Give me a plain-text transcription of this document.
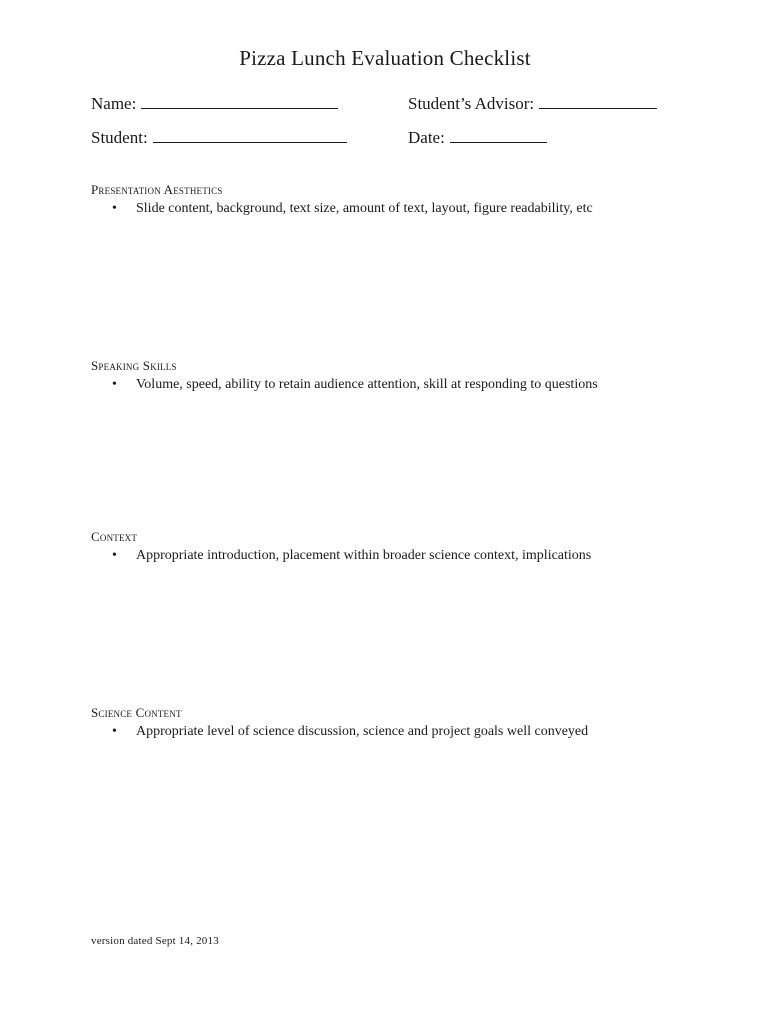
Pizza Lunch Evaluation Checklist
Name:	Student’s Advisor:
Student:	Date:
Presentation Aesthetics
• Slide content, background, text size, amount of text, layout, figure readability, etc
Speaking Skills
• Volume, speed, ability to retain audience attention, skill at responding to questions
Context
• Appropriate introduction, placement within broader science context, implications
Science Content
• Appropriate level of science discussion, science and project goals well conveyed
version dated Sept 14, 2013
